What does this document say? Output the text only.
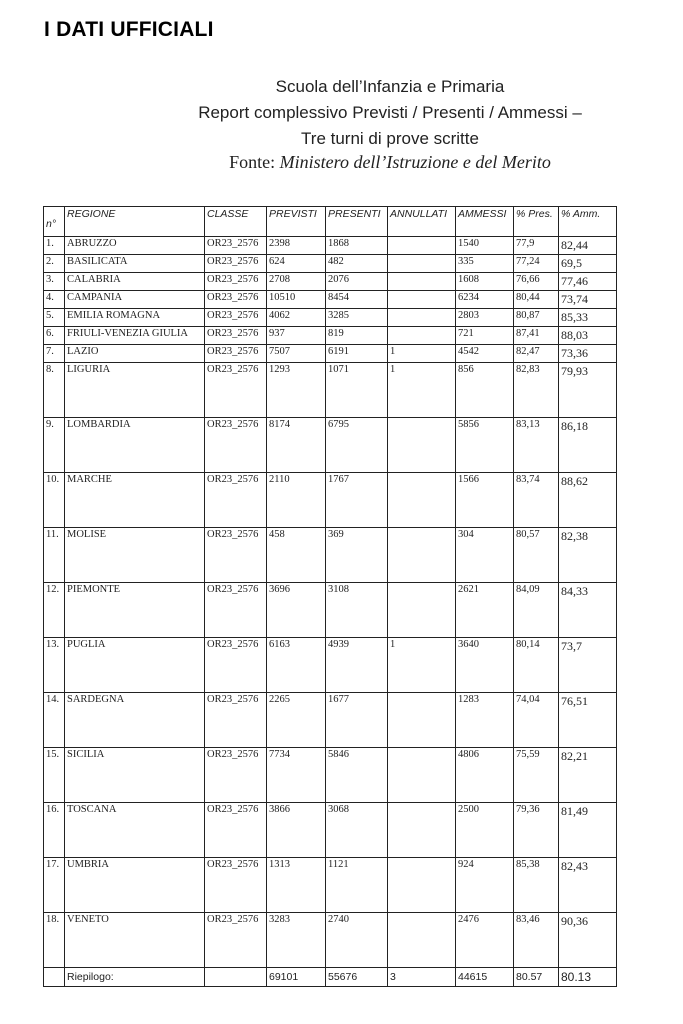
I DATI UFFICIALI
Scuola dell’Infanzia e Primaria
Report complessivo Previsti / Presenti / Ammessi –
Tre turni di prove scritte
Fonte: Ministero dell’Istruzione e del Merito
n°	REGIONE	CLASSE	PREVISTI	PRESENTI	ANNULLATI	AMMESSI	% Pres.	% Amm.
1.	ABRUZZO	OR23_2576	2398	1868		1540	77,9	82,44
2.	BASILICATA	OR23_2576	624	482		335	77,24	69,5
3.	CALABRIA	OR23_2576	2708	2076		1608	76,66	77,46
4.	CAMPANIA	OR23_2576	10510	8454		6234	80,44	73,74
5.	EMILIA ROMAGNA	OR23_2576	4062	3285		2803	80,87	85,33
6.	FRIULI-VENEZIA GIULIA	OR23_2576	937	819		721	87,41	88,03
7.	LAZIO	OR23_2576	7507	6191	1	4542	82,47	73,36
8.	LIGURIA	OR23_2576	1293	1071	1	856	82,83	79,93
9.	LOMBARDIA	OR23_2576	8174	6795		5856	83,13	86,18
10.	MARCHE	OR23_2576	2110	1767		1566	83,74	88,62
11.	MOLISE	OR23_2576	458	369		304	80,57	82,38
12.	PIEMONTE	OR23_2576	3696	3108		2621	84,09	84,33
13.	PUGLIA	OR23_2576	6163	4939	1	3640	80,14	73,7
14.	SARDEGNA	OR23_2576	2265	1677		1283	74,04	76,51
15.	SICILIA	OR23_2576	7734	5846		4806	75,59	82,21
16.	TOSCANA	OR23_2576	3866	3068		2500	79,36	81,49
17.	UMBRIA	OR23_2576	1313	1121		924	85,38	82,43
18.	VENETO	OR23_2576	3283	2740		2476	83,46	90,36
	Riepilogo:		69101	55676	3	44615	80.57	80.13
